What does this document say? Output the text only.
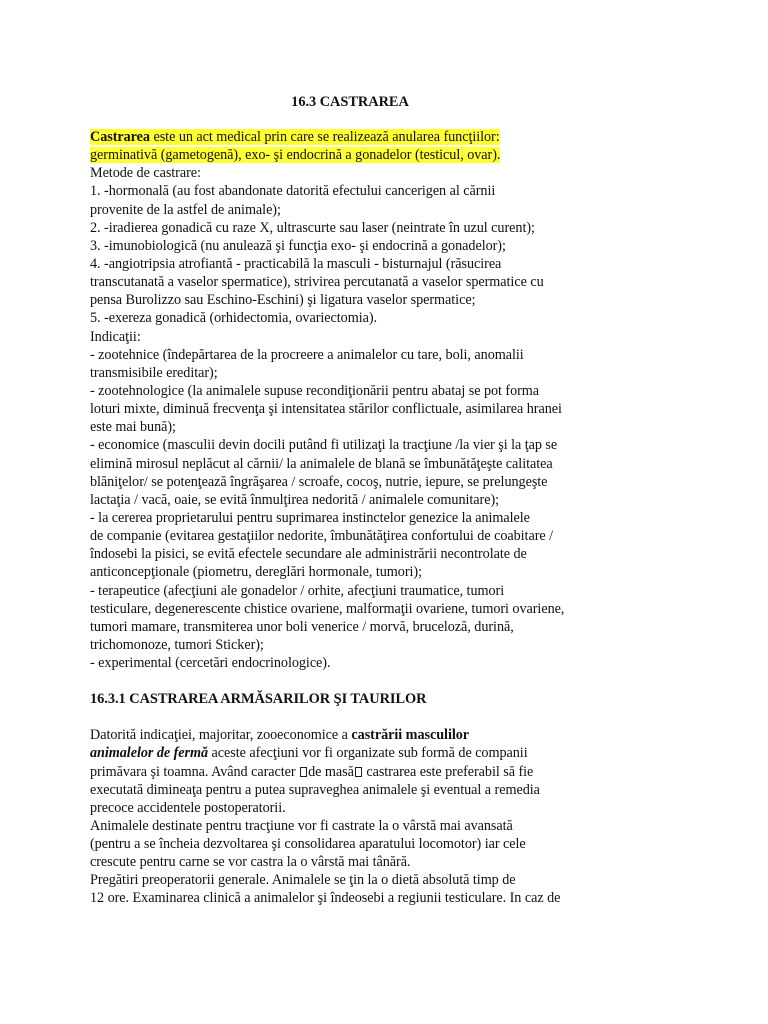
16.3 CASTRAREA
Castrarea este un act medical prin care se realizează anularea funcţiilor:
germinativă (gametogenă), exo- şi endocrină a gonadelor (testicul, ovar).
Metode de castrare:
1. -hormonală (au fost abandonate datorită efectului cancerigen al cărnii
provenite de la astfel de animale);
2. -iradierea gonadică cu raze X, ultrascurte sau laser (neintrate în uzul curent);
3. -imunobiologică (nu anulează şi funcţia exo- şi endocrină a gonadelor);
4. -angiotripsia atrofiantă - practicabilă la masculi - bisturnajul (răsucirea
transcutanată a vaselor spermatice), strivirea percutanată a vaselor spermatice cu
pensa Burolizzo sau Eschino-Eschini) şi ligatura vaselor spermatice;
5. -exereza gonadică (orhidectomia, ovariectomia).
Indicaţii:
- zootehnice (îndepărtarea de la procreere a animalelor cu tare, boli, anomalii
transmisibile ereditar);
- zootehnologice (la animalele supuse recondiţionării pentru abataj se pot forma
loturi mixte, diminuă frecvenţa şi intensitatea stărilor conflictuale, asimilarea hranei
este mai bună);
- economice (masculii devin docili putând fi utilizaţi la tracţiune /la vier şi la ţap se
elimină mirosul neplăcut al cărnii/ la animalele de blană se îmbunătăţeşte calitatea
blăniţelor/ se potenţează îngrăşarea / scroafe, cocoş, nutrie, iepure, se prelungeşte
lactaţia / vacă, oaie, se evită înmulţirea nedorită / animalele comunitare);
- la cererea proprietarului pentru suprimarea instinctelor genezice la animalele
de companie (evitarea gestaţiilor nedorite, îmbunătăţirea confortului de coabitare /
îndosebi la pisici, se evită efectele secundare ale administrării necontrolate de
anticoncepţionale (piometru, dereglări hormonale, tumori);
- terapeutice (afecţiuni ale gonadelor / orhite, afecţiuni traumatice, tumori
testiculare, degenerescente chistice ovariene, malformaţii ovariene, tumori ovariene,
tumori mamare, transmiterea unor boli venerice / morvă, bruceloză, durină,
trichomonoze, tumori Sticker);
- experimental (cercetări endocrinologice).
16.3.1 CASTRAREA ARMĂSARILOR ŞI TAURILOR
Datorită indicaţiei, majoritar, zooeconomice a castrării masculilor
animalelor de fermă aceste afecţiuni vor fi organizate sub formă de companii
primăvara şi toamna. Având caracter de masă castrarea este preferabil să fie
executată dimineaţa pentru a putea supraveghea animalele şi eventual a remedia
precoce accidentele postoperatorii.
Animalele destinate pentru tracţiune vor fi castrate la o vârstă mai avansată
(pentru a se încheia dezvoltarea şi consolidarea aparatului locomotor) iar cele
crescute pentru carne se vor castra la o vârstă mai tânără.
Pregătiri preoperatorii generale. Animalele se ţin la o dietă absolută timp de
12 ore. Examinarea clinică a animalelor şi îndeosebi a regiunii testiculare. In caz de
